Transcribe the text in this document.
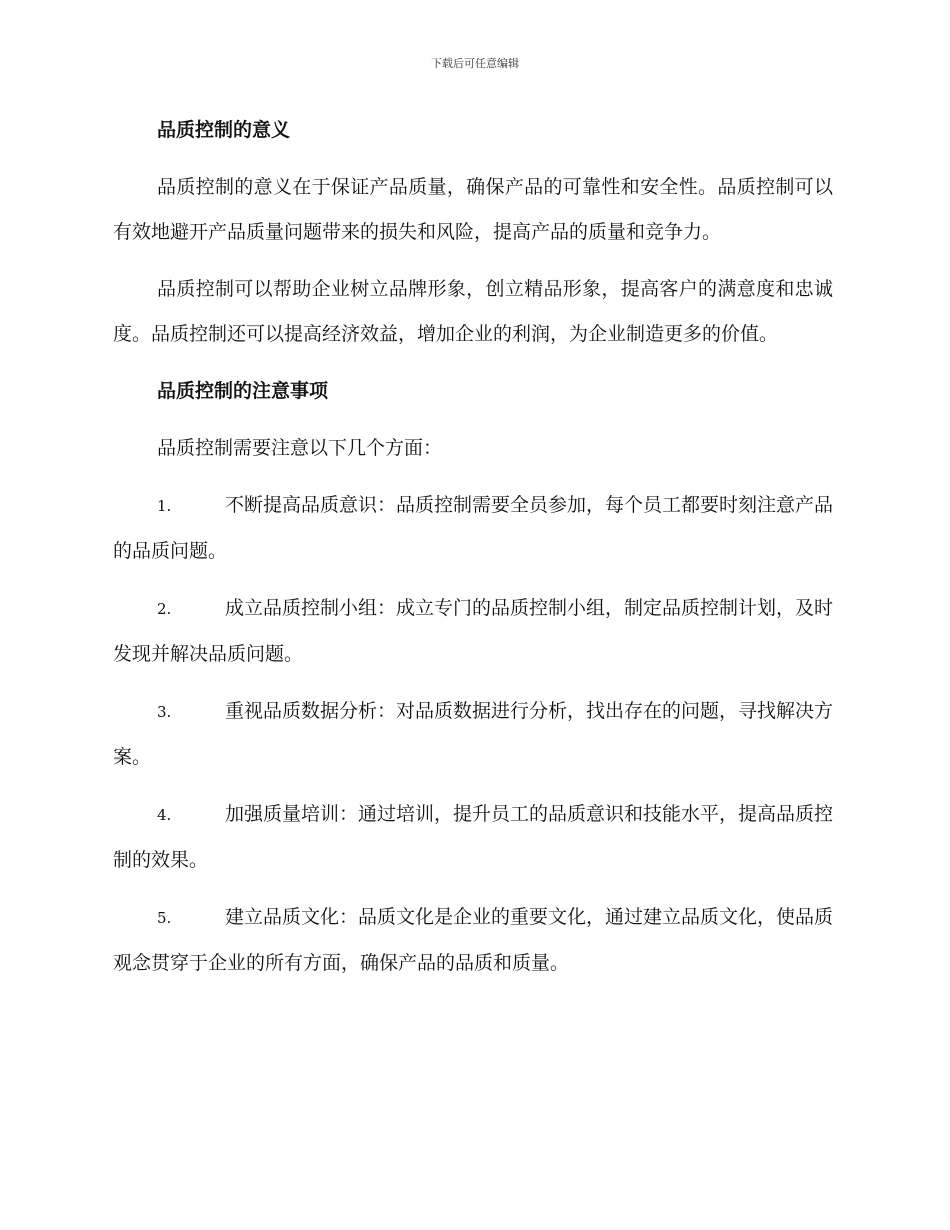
下载后可任意编辑
品质控制的意义

品质控制的意义在于保证产品质量，确保产品的可靠性和安全性。品质控制可以有效地避开产品质量问题带来的损失和风险，提高产品的质量和竞争力。

品质控制可以帮助企业树立品牌形象，创立精品形象，提高客户的满意度和忠诚度。品质控制还可以提高经济效益，增加企业的利润，为企业制造更多的价值。

品质控制的注意事项

品质控制需要注意以下几个方面：

1.	不断提高品质意识：品质控制需要全员参加，每个员工都要时刻注意产品的品质问题。

2.	成立品质控制小组：成立专门的品质控制小组，制定品质控制计划，及时发现并解决品质问题。

3.	重视品质数据分析：对品质数据进行分析，找出存在的问题，寻找解决方案。

4.	加强质量培训：通过培训，提升员工的品质意识和技能水平，提高品质控制的效果。

5.	建立品质文化：品质文化是企业的重要文化，通过建立品质文化，使品质观念贯穿于企业的所有方面，确保产品的品质和质量。
